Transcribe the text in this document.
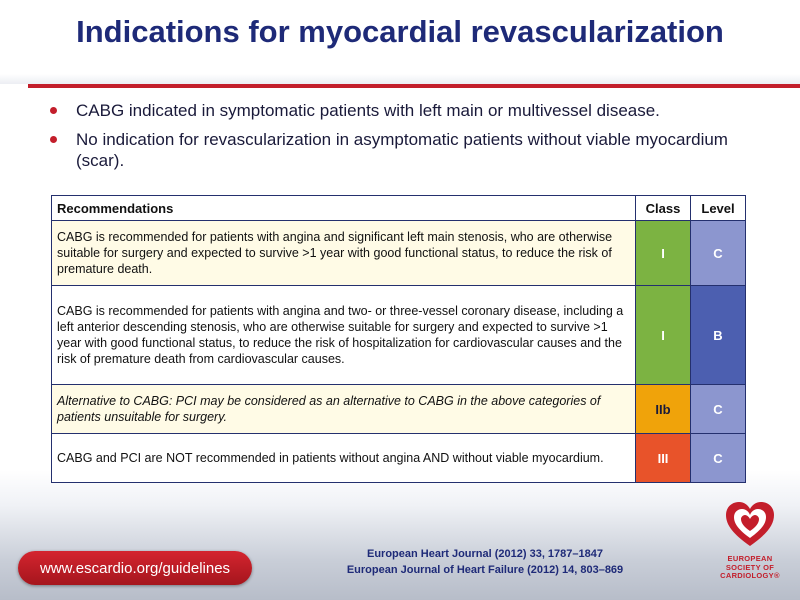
Indications for myocardial revascularization
CABG indicated in symptomatic patients with left main or multivessel disease.
No indication for revascularization in asymptomatic patients without viable myocardium (scar).
Recommendations	Class	Level
CABG is recommended for patients with angina and significant left main stenosis, who are otherwise suitable for surgery and expected to survive >1 year with good functional status, to reduce the risk of premature death.	I	C
CABG is recommended for patients with angina and two- or three-vessel coronary disease, including a left anterior descending stenosis, who are otherwise suitable for surgery and expected to survive >1 year with good functional status, to reduce the risk of hospitalization for cardiovascular causes and the risk of premature death from cardiovascular causes.	I	B
Alternative to CABG: PCI may be considered as an alternative to CABG in the above categories of patients unsuitable for surgery.	IIb	C
CABG and PCI are NOT recommended in patients without angina AND without viable myocardium.	III	C
www.escardio.org/guidelines
European Heart Journal (2012) 33, 1787–1847
European Journal of Heart Failure (2012) 14, 803–869
EUROPEAN
SOCIETY OF
CARDIOLOGY®
